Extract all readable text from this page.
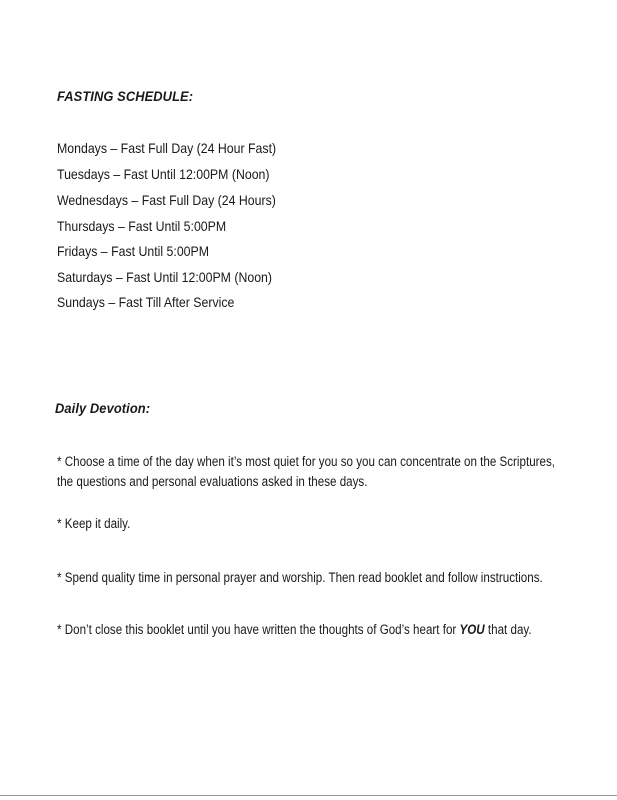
FASTING SCHEDULE:
Mondays – Fast Full Day (24 Hour Fast)
Tuesdays – Fast Until 12:00PM (Noon)
Wednesdays – Fast Full Day (24 Hours)
Thursdays – Fast Until 5:00PM
Fridays – Fast Until 5:00PM
Saturdays – Fast Until 12:00PM (Noon)
Sundays – Fast Till After Service
Daily Devotion:
* Choose a time of the day when it’s most quiet for you so you can concentrate on the Scriptures, the questions and personal evaluations asked in these days.
* Keep it daily.
* Spend quality time in personal prayer and worship. Then read booklet and follow instructions.
* Don’t close this booklet until you have written the thoughts of God’s heart for YOU that day.
